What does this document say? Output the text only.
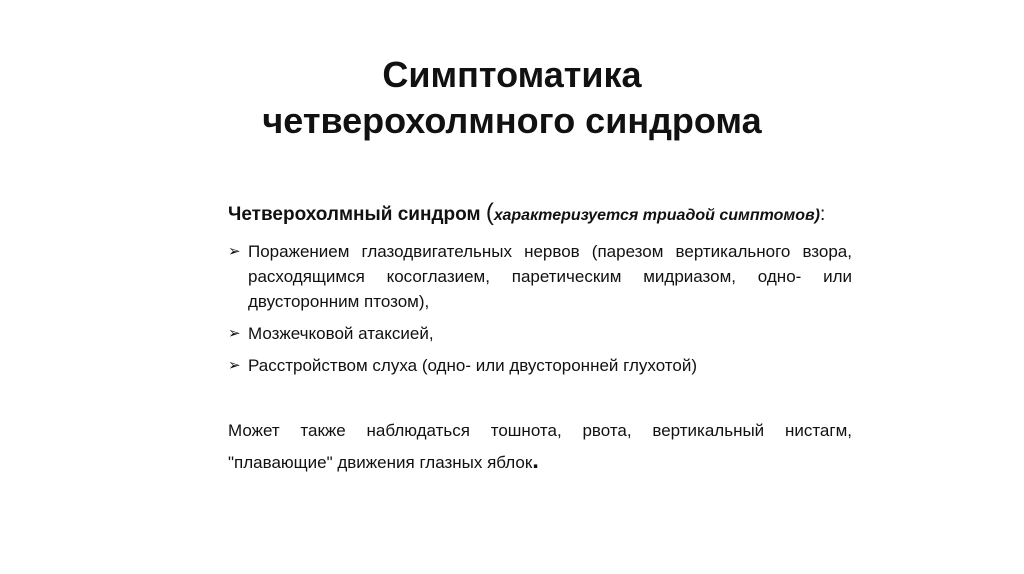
Симптоматика
четверохолмного синдрома

Четверохолмный синдром (характеризуется триадой симптомов):

➢ Поражением глазодвигательных нервов (парезом вертикального взора, расходящимся косоглазием, паретическим мидриазом, одно- или двусторонним птозом),
➢ Мозжечковой атаксией,
➢ Расстройством слуха (одно- или двусторонней глухотой)

Может также наблюдаться тошнота, рвота, вертикальный нистагм, "плавающие" движения глазных яблок.
